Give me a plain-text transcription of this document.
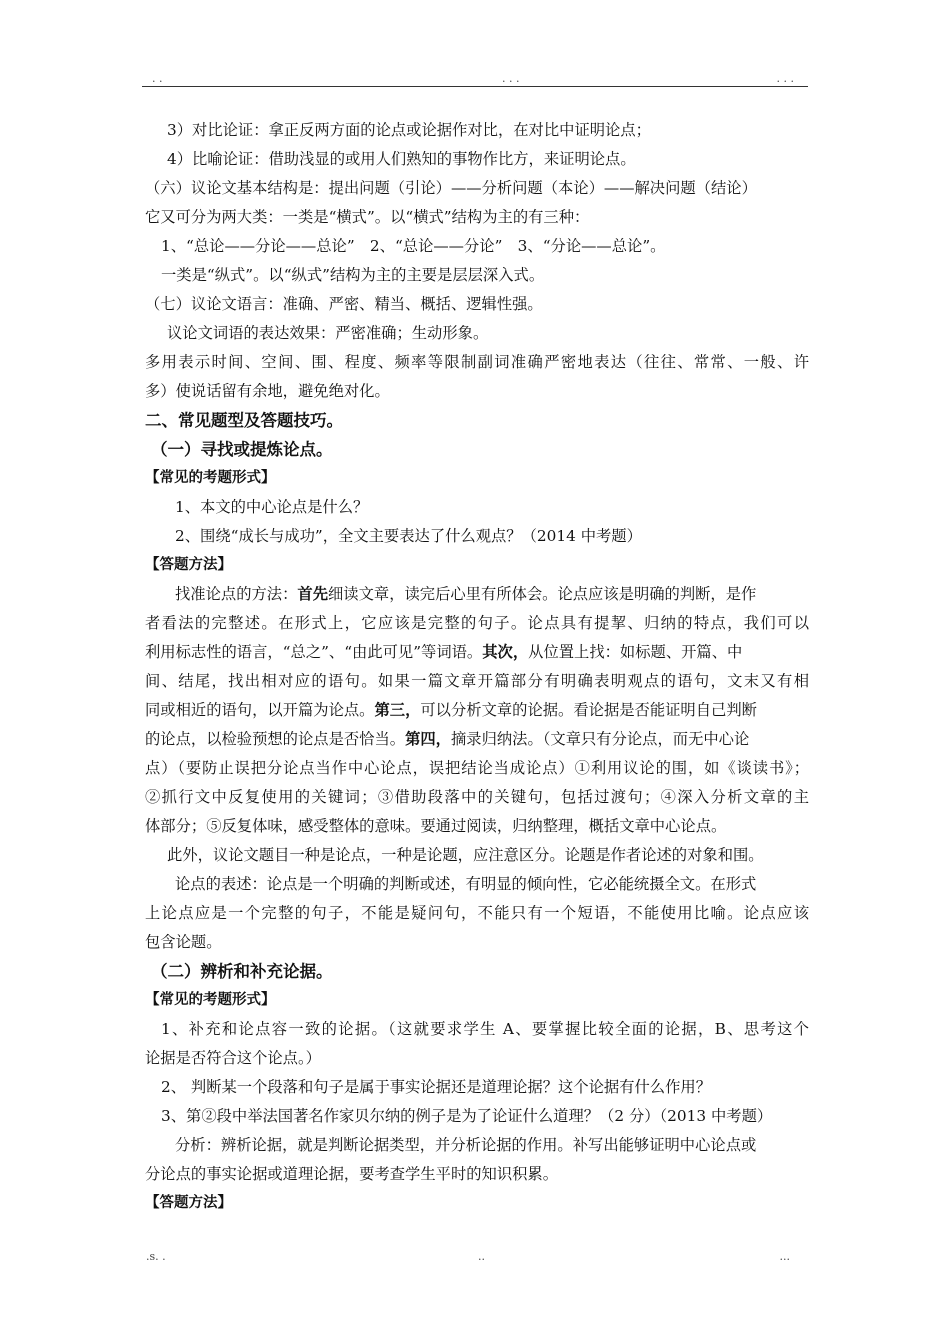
. .	. . .	. . .
3）对比论证：拿正反两方面的论点或论据作对比，在对比中证明论点；
4）比喻论证：借助浅显的或用人们熟知的事物作比方，来证明论点。
（六）议论文基本结构是：提出问题（引论）——分析问题（本论）——解决问题（结论）
它又可分为两大类：一类是“横式”。以“横式”结构为主的有三种：
1、“总论——分论——总论”　2、“总论——分论”　3、“分论——总论”。
一类是“纵式”。以“纵式”结构为主的主要是层层深入式。
（七）议论文语言：准确、严密、精当、概括、逻辑性强。
议论文词语的表达效果：严密准确；生动形象。
多用表示时间、空间、围、程度、频率等限制副词准确严密地表达（往往、常常、一般、许
多）使说话留有余地，避免绝对化。
二、常见题型及答题技巧。
（一）寻找或提炼论点。
【常见的考题形式】
1、本文的中心论点是什么？
2、围绕“成长与成功”，全文主要表达了什么观点？（2014 中考题）
【答题方法】
找准论点的方法：首先细读文章，读完后心里有所体会。论点应该是明确的判断，是作
者看法的完整述。在形式上，它应该是完整的句子。论点具有提挈、归纳的特点，我们可以
利用标志性的语言，“总之”、“由此可见”等词语。其次，从位置上找：如标题、开篇、中
间、结尾，找出相对应的语句。如果一篇文章开篇部分有明确表明观点的语句，文末又有相
同或相近的语句，以开篇为论点。第三，可以分析文章的论据。看论据是否能证明自己判断
的论点，以检验预想的论点是否恰当。第四，摘录归纳法。（文章只有分论点，而无中心论
点）（要防止误把分论点当作中心论点，误把结论当成论点）①利用议论的围，如《谈读书》；
②抓行文中反复使用的关键词；③借助段落中的关键句，包括过渡句；④深入分析文章的主
体部分；⑤反复体味，感受整体的意味。要通过阅读，归纳整理，概括文章中心论点。
此外，议论文题目一种是论点，一种是论题，应注意区分。论题是作者论述的对象和围。
论点的表述：论点是一个明确的判断或述，有明显的倾向性，它必能统摄全文。在形式
上论点应是一个完整的句子，不能是疑问句，不能只有一个短语，不能使用比喻。论点应该
包含论题。
（二）辨析和补充论据。
【常见的考题形式】
1、补充和论点容一致的论据。（这就要求学生 A、要掌握比较全面的论据，B、思考这个
论据是否符合这个论点。）
2、 判断某一个段落和句子是属于事实论据还是道理论据？这个论据有什么作用？
3、第②段中举法国著名作家贝尔纳的例子是为了论证什么道理？（2 分）（2013 中考题）
分析：辨析论据，就是判断论据类型，并分析论据的作用。补写出能够证明中心论点或
分论点的事实论据或道理论据，要考查学生平时的知识积累。
【答题方法】
.s. .	..	...
